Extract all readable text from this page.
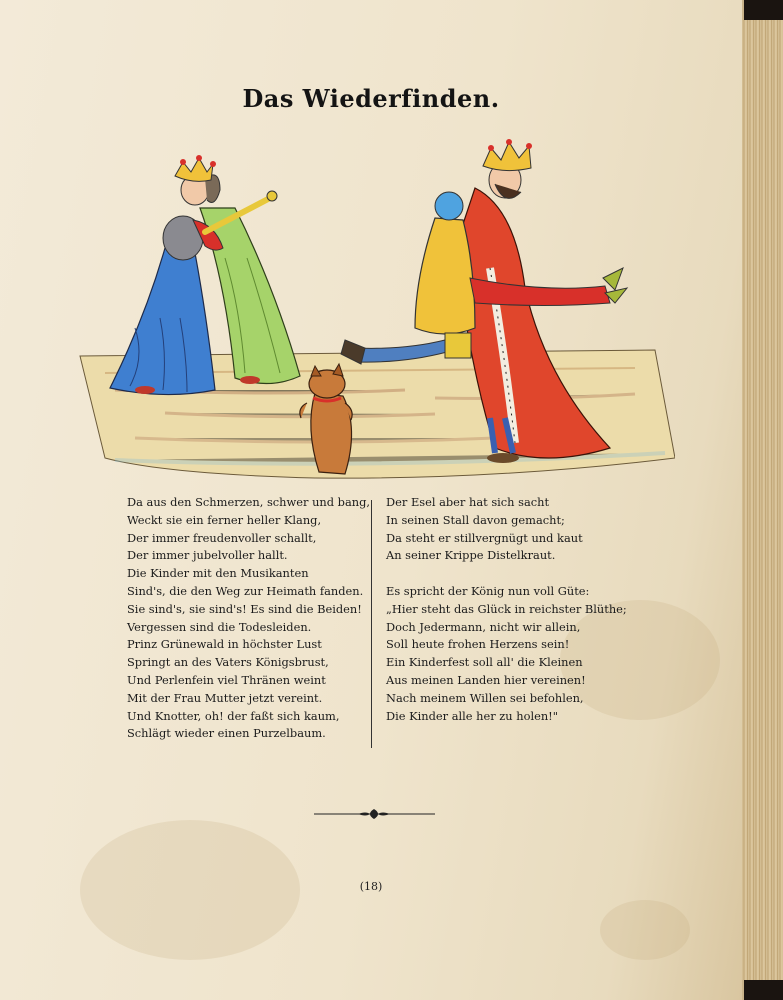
Das Wiederfinden.
Da aus den Schmerzen, schwer und bang,
Weckt sie ein ferner heller Klang,
Der immer freudenvoller schallt,
Der immer jubelvoller hallt.
Die Kinder mit den Musikanten
Sind's, die den Weg zur Heimath fanden.
Sie sind's, sie sind's! Es sind die Beiden!
Vergessen sind die Todesleiden.
Prinz Grünewald in höchster Lust
Springt an des Vaters Königsbrust,
Und Perlenfein viel Thränen weint
Mit der Frau Mutter jetzt vereint.
Und Knotter, oh! der faßt sich kaum,
Schlägt wieder einen Purzelbaum.
Der Esel aber hat sich sacht
In seinen Stall davon gemacht;
Da steht er stillvergnügt und kaut
An seiner Krippe Distelkraut.
Es spricht der König nun voll Güte:
„Hier steht das Glück in reichster Blüthe;
Doch Jedermann, nicht wir allein,
Soll heute frohen Herzens sein!
Ein Kinderfest soll all' die Kleinen
Aus meinen Landen hier vereinen!
Nach meinem Willen sei befohlen,
Die Kinder alle her zu holen!"
(18)
